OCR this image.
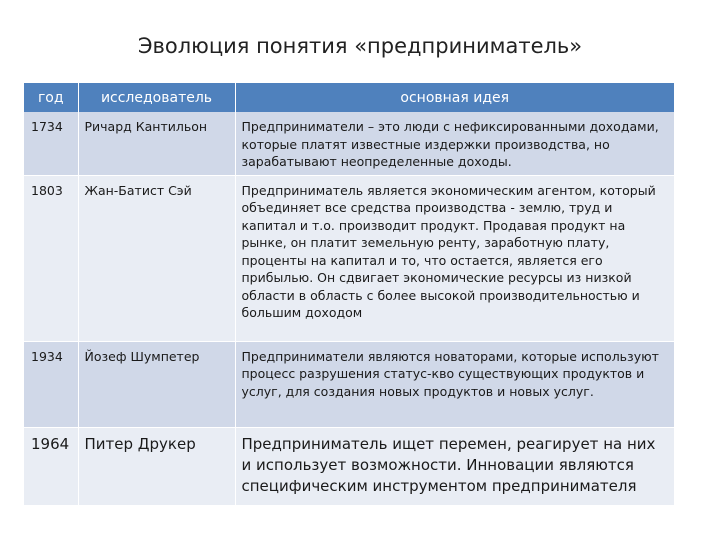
Эволюция понятия «предприниматель»
год	исследователь	основная идея
1734	Ричард Кантильон	Предприниматели – это люди с нефиксированными доходами, которые платят известные издержки производства, но зарабатывают неопределенные доходы.
1803	Жан-Батист Сэй	Предприниматель является экономическим агентом, который объединяет все средства производства - землю, труд и капитал и т.о. производит продукт. Продавая продукт на рынке, он платит земельную ренту, заработную плату, проценты на капитал и то, что остается, является его прибылью. Он сдвигает экономические ресурсы из низкой области в область с более высокой производительностью и большим доходом
1934	Йозеф Шумпетер	Предприниматели являются новаторами, которые используют процесс разрушения статус-кво существующих продуктов и услуг, для создания новых продуктов и новых услуг.
1964	Питер Друкер	Предприниматель ищет перемен, реагирует на них и использует возможности. Инновации являются специфическим инструментом предпринимателя
